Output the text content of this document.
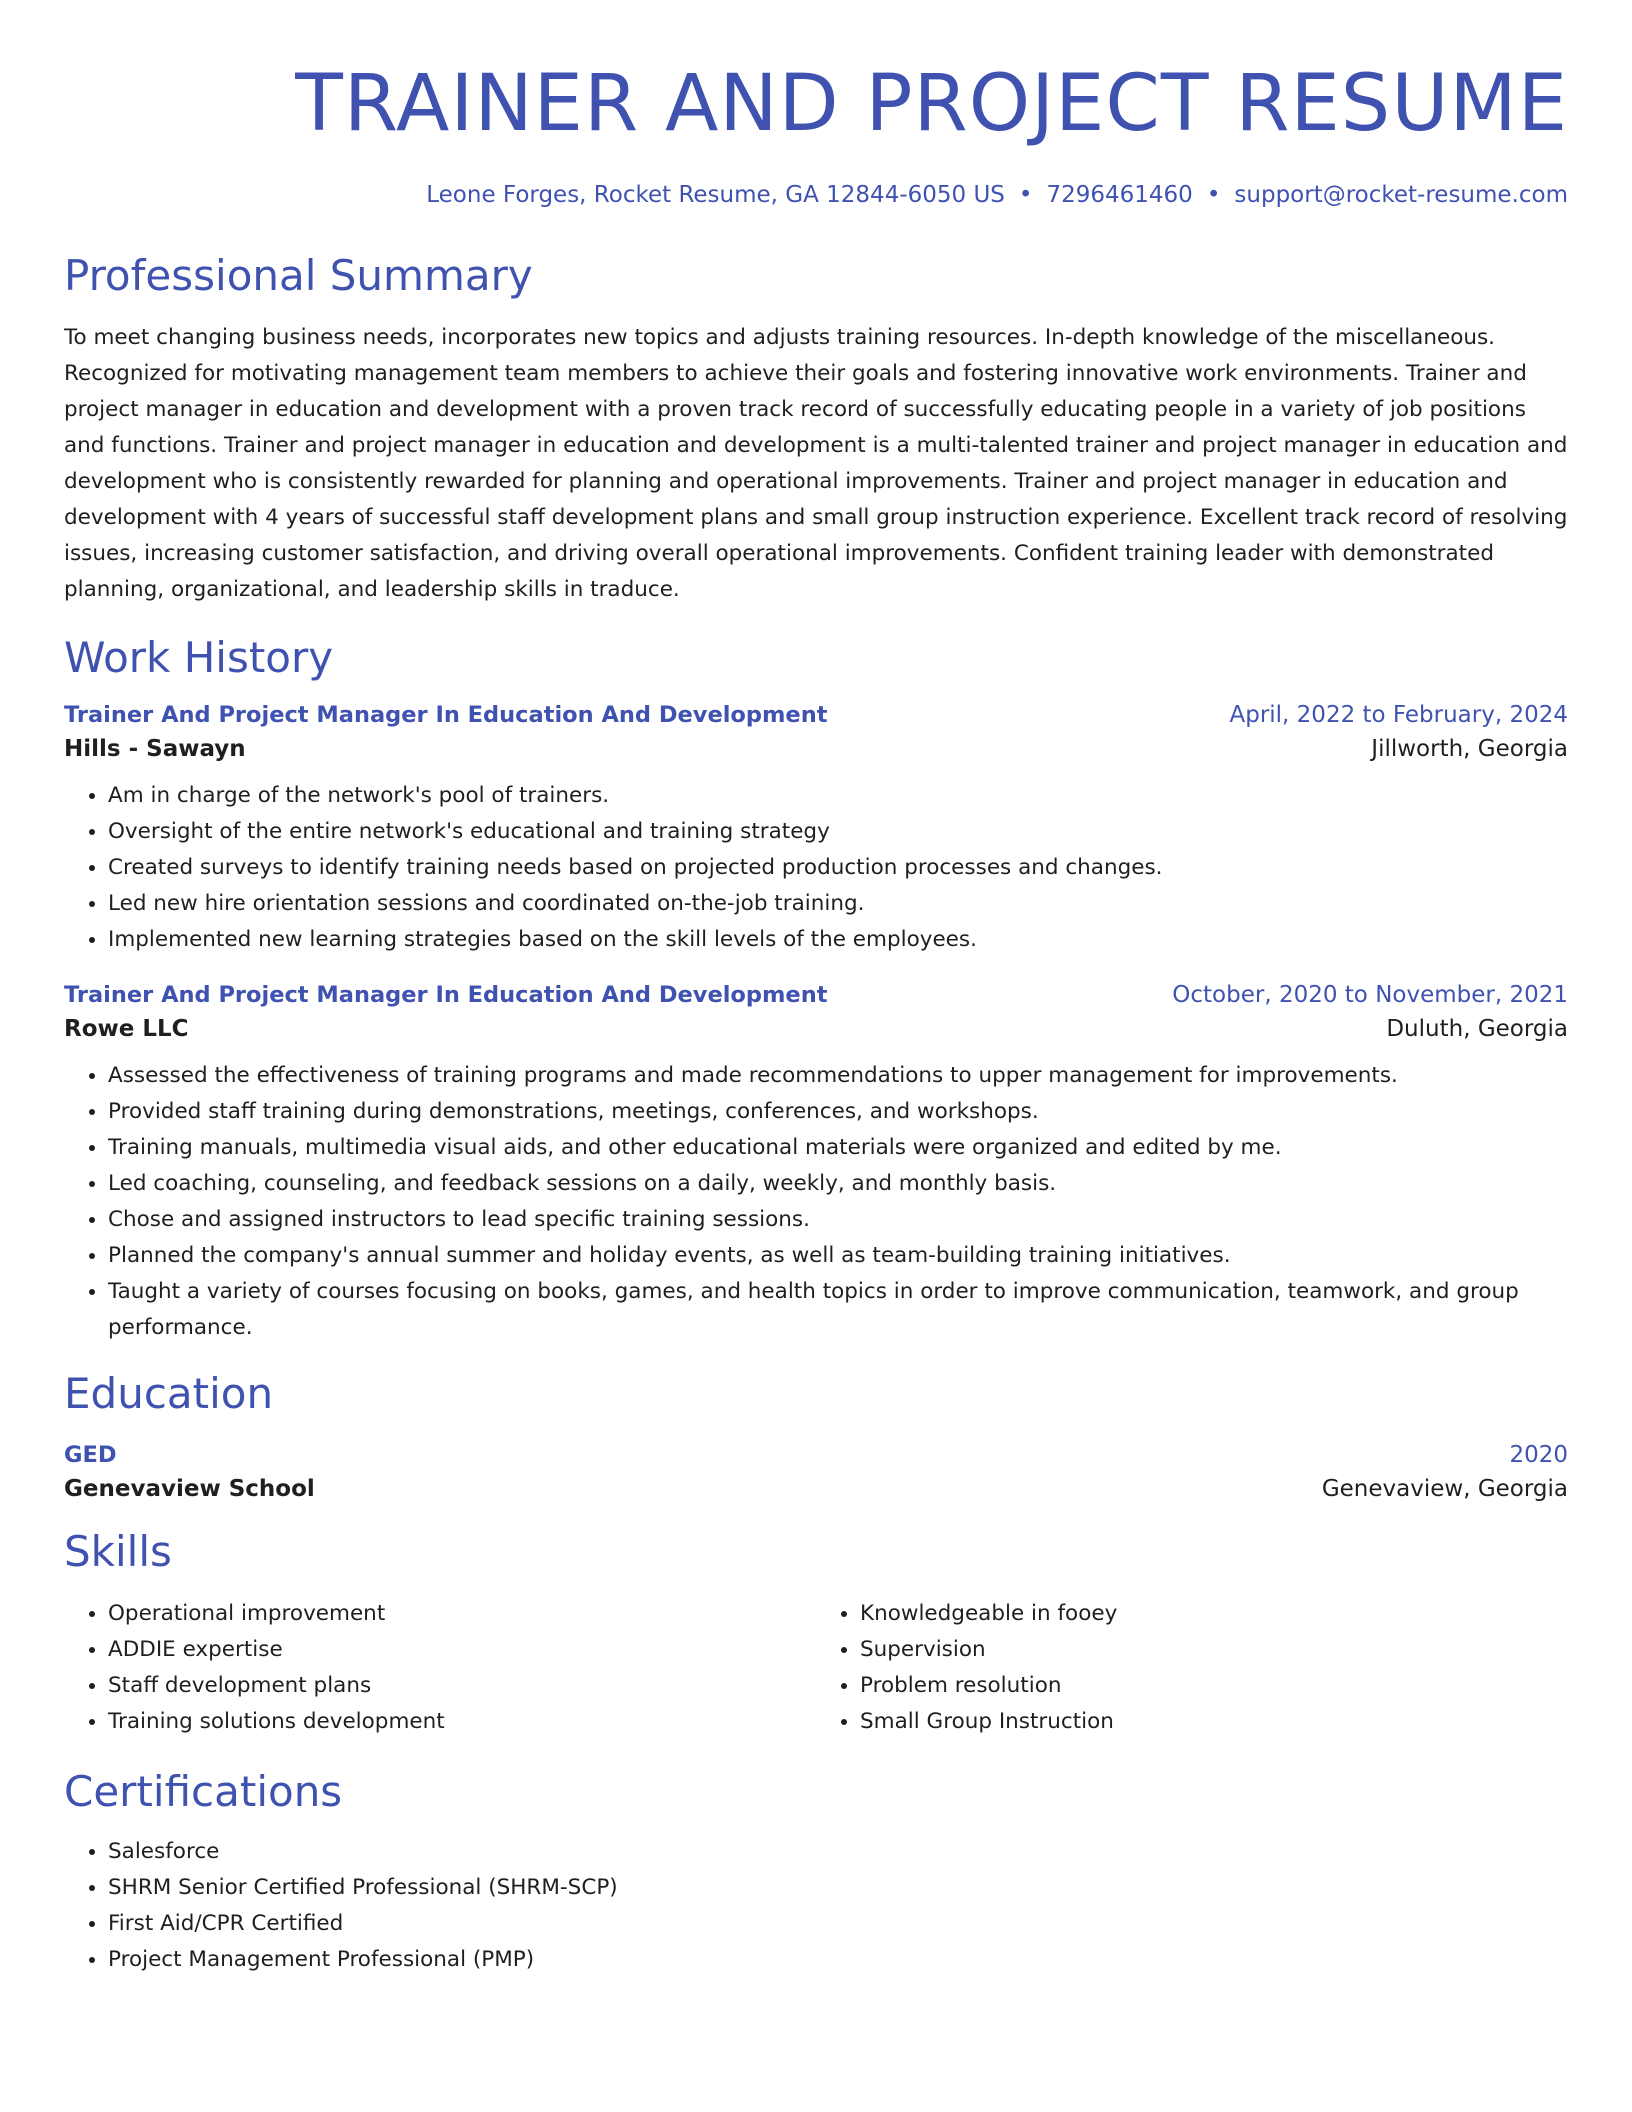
TRAINER AND PROJECT RESUME
Leone Forges, Rocket Resume, GA 12844-6050 US • 7296461460 • support@rocket-resume.com
Professional Summary

To meet changing business needs, incorporates new topics and adjusts training resources. In-depth knowledge of the miscellaneous. Recognized for motivating management team members to achieve their goals and fostering innovative work environments. Trainer and project manager in education and development with a proven track record of successfully educating people in a variety of job positions and functions. Trainer and project manager in education and development is a multi-talented trainer and project manager in education and development who is consistently rewarded for planning and operational improvements. Trainer and project manager in education and development with 4 years of successful staff development plans and small group instruction experience. Excellent track record of resolving issues, increasing customer satisfaction, and driving overall operational improvements. Confident training leader with demonstrated planning, organizational, and leadership skills in traduce.

Work History
Trainer And Project Manager In Education And Development	April, 2022 to February, 2024
Hills - Sawayn	Jillworth, Georgia
• Am in charge of the network's pool of trainers.
• Oversight of the entire network's educational and training strategy
• Created surveys to identify training needs based on projected production processes and changes.
• Led new hire orientation sessions and coordinated on-the-job training.
• Implemented new learning strategies based on the skill levels of the employees.
Trainer And Project Manager In Education And Development	October, 2020 to November, 2021
Rowe LLC	Duluth, Georgia
• Assessed the effectiveness of training programs and made recommendations to upper management for improvements.
• Provided staff training during demonstrations, meetings, conferences, and workshops.
• Training manuals, multimedia visual aids, and other educational materials were organized and edited by me.
• Led coaching, counseling, and feedback sessions on a daily, weekly, and monthly basis.
• Chose and assigned instructors to lead specific training sessions.
• Planned the company's annual summer and holiday events, as well as team-building training initiatives.
• Taught a variety of courses focusing on books, games, and health topics in order to improve communication, teamwork, and group performance.
Education
GED	2020
Genevaview School	Genevaview, Georgia
Skills
• Operational improvement
• ADDIE expertise
• Staff development plans
• Training solutions development
• Knowledgeable in fooey
• Supervision
• Problem resolution
• Small Group Instruction
Certifications
• Salesforce
• SHRM Senior Certified Professional (SHRM-SCP)
• First Aid/CPR Certified
• Project Management Professional (PMP)
